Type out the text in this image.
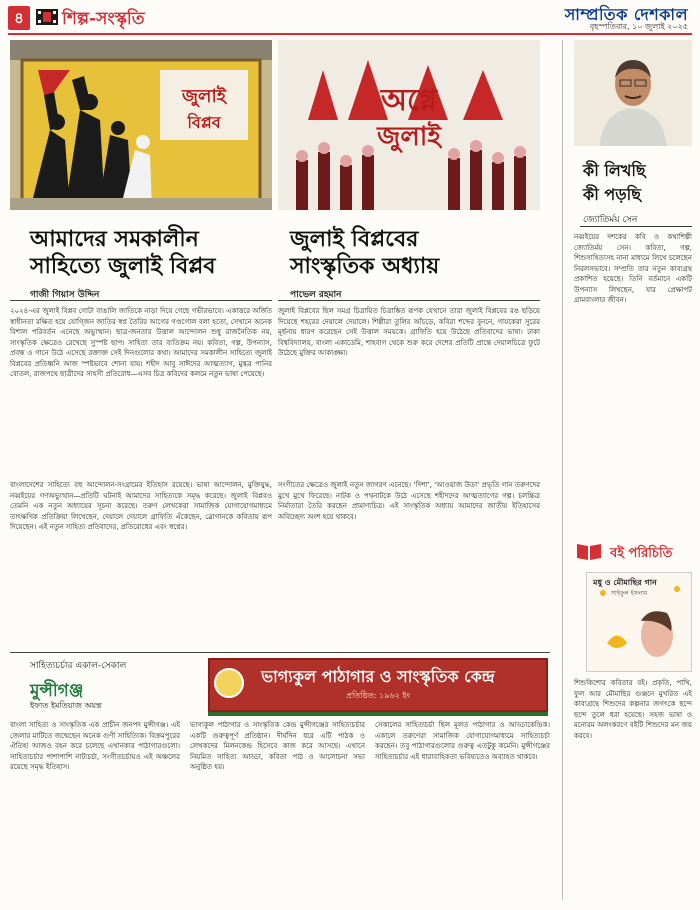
৪	শিল্প-সংস্কৃতি	সাম্প্রতিক দেশকাল
বৃহস্পতিবার, ১০ জুলাই ২০২৫
জুলাই
বিপ্লব
অগ্নে
জুলাই
আমাদের সমকালীন
সাহিত্যে জুলাই বিপ্লব
গাজী গিয়াস উদ্দিন
জুলাই বিপ্লবের
সাংস্কৃতিক অধ্যায়
পাভেল রহমান
২০২৪-এর জুলাই বিপ্লব গোটা বাঙালি জাতিকে নাড়া দিয়ে গেছে গভীরভাবে। একাত্তরে অর্জিত স্বাধীনতা রক্ষিত হয়ে যোগ্জিন জাতির স্বপ্ন তৈরির আগের গণ্ডগোল বলা হতো, সেখানে অনেক বিশাল পরিবর্তন এনেছে অভ্যুত্থান। ছাত্র-জনতার উত্তাল আন্দোলন শুধু রাজনৈতিক নয়, সাংস্কৃতিক ক্ষেত্রেও রেখেছে সুস্পষ্ট ছাপ। সাহিত্য তার ব্যতিক্রম নয়। কবিতা, গল্প, উপন্যাস, প্রবন্ধ ও গানে উঠে এসেছে রক্তাক্ত সেই দিনগুলোর কথা। আমাদের সমকালীন সাহিত্যে জুলাই বিপ্লবের প্রতিধ্বনি আজ স্পষ্টভাবে শোনা যায়। শহীদ আবু সাঈদের আত্মত্যাগ, মুগ্ধর পানির বোতল, রাজপথে ছাত্রীদের সাহসী প্রতিরোধ—এসব চিত্র কবিদের কলমে নতুন ভাষা পেয়েছে।
বাংলাদেশের সাহিত্যে বহু আন্দোলন-সংগ্রামের ইতিহাস রয়েছে। ভাষা আন্দোলন, মুক্তিযুদ্ধ, নব্বইয়ের গণঅভ্যুত্থান—প্রতিটি ঘটনাই আমাদের সাহিত্যকে সমৃদ্ধ করেছে। জুলাই বিপ্লবও তেমনি এক নতুন অধ্যায়ের সূচনা করেছে। তরুণ লেখকেরা সামাজিক যোগাযোগমাধ্যমে তাৎক্ষণিক প্রতিক্রিয়া লিখেছেন, দেয়ালে দেয়ালে গ্রাফিতি এঁকেছেন, স্লোগানকে কবিতায় রূপ দিয়েছেন। এই নতুন সাহিত্য প্রতিবাদের, প্রতিরোধের এবং স্বপ্নের।
জুলাই বিপ্লবের ছিল সমগ্র চিত্রায়িত চিত্রাঙ্কিত রূপক যেখানে তারা জুলাই বিপ্লবের রঙ ছড়িয়ে দিয়েছে শহরের দেয়ালে দেয়ালে। শিল্পীরা তুলির আঁচড়ে, কবিরা শব্দের বুননে, গায়কেরা সুরের মূর্ছনায় ধারণ করেছেন সেই উত্তাল সময়কে। গ্রাফিতি হয়ে উঠেছে প্রতিবাদের ভাষা। ঢাকা বিশ্ববিদ্যালয়, বাংলা একাডেমি, শাহবাগ থেকে শুরু করে দেশের প্রতিটি প্রান্তে দেয়ালচিত্রে ফুটে উঠেছে মুক্তির আকাঙ্ক্ষা।
সংগীতের ক্ষেত্রেও জুলাই নতুন জাগরণ এনেছে। ‘দিশা’, ‘আওয়াজ উডা’ প্রভৃতি গান তরুণদের মুখে মুখে ফিরেছে। নাটক ও পথনাটকে উঠে এসেছে শহীদদের আত্মত্যাগের গল্প। চলচ্চিত্র নির্মাতারা তৈরি করছেন প্রামাণ্যচিত্র। এই সাংস্কৃতিক অধ্যায় আমাদের জাতীয় ইতিহাসের অবিচ্ছেদ্য অংশ হয়ে থাকবে।
কী লিখছি
কী পড়ছি
জ্যোতির্ময় সেন
নব্বইয়ের দশকের কবি ও কথাশিল্পী জ্যোতির্ময় সেন। কবিতা, গল্প, শিশুসাহিত্যসহ নানা মাধ্যমে লিখে চলেছেন নিরলসভাবে। সম্প্রতি তার নতুন কাব্যগ্রন্থ প্রকাশিত হয়েছে। তিনি বর্তমানে একটি উপন্যাস লিখছেন, যার প্রেক্ষাপট গ্রামবাংলার জীবন।
বই পরিচিতি
মধু ও মৌমাছির গান
সাইফুল ইসলাম
শিশুকিশোর কবিতার বই। প্রকৃতি, পাখি, ফুল আর মৌমাছির গুঞ্জনে মুখরিত এই কাব্যগ্রন্থে শিশুদের কল্পনার জগৎকে ছন্দে ছন্দে তুলে ধরা হয়েছে। সহজ ভাষা ও মনোরম অলংকরণে বইটি শিশুদের মন জয় করবে।
সাহিত্যচর্চার একাল-সেকাল
মুন্সীগঞ্জ
ইফাত ইমতিয়াজ অয়ন্ত
ভাগ্যকুল পাঠাগার ও সাংস্কৃতিক কেন্দ্র
প্রতিষ্ঠিত: ১৯৬২ ইং
বাংলা সাহিত্য ও সাংস্কৃতিক এক প্রাচীন জনপদ মুন্সীগঞ্জ। এই জেলার মাটিতে জন্মেছেন অনেক গুণী সাহিত্যিক। বিক্রমপুরের ঐতিহ্য আজও বহন করে চলেছে এখানকার পাঠাগারগুলো। সাহিত্যচর্চার পাশাপাশি নাট্যচর্চা, সংগীতচর্চায়ও এই অঞ্চলের রয়েছে সমৃদ্ধ ইতিহাস।
ভাগ্যকুল পাঠাগার ও সাংস্কৃতিক কেন্দ্র মুন্সীগঞ্জের সাহিত্যচর্চার একটি গুরুত্বপূর্ণ প্রতিষ্ঠান। দীর্ঘদিন ধরে এটি পাঠক ও লেখকদের মিলনকেন্দ্র হিসেবে কাজ করে আসছে। এখানে নিয়মিত সাহিত্য আড্ডা, কবিতা পাঠ ও আলোচনা সভা অনুষ্ঠিত হয়।
সেকালের সাহিত্যচর্চা ছিল মূলত পাঠাগার ও আড্ডাকেন্দ্রিক। একালে তরুণেরা সামাজিক যোগাযোগমাধ্যমে সাহিত্যচর্চা করছেন। তবু পাঠাগারগুলোর গুরুত্ব এতটুকু কমেনি। মুন্সীগঞ্জের সাহিত্যচর্চার এই ধারাবাহিকতা ভবিষ্যতেও অব্যাহত থাকবে।
